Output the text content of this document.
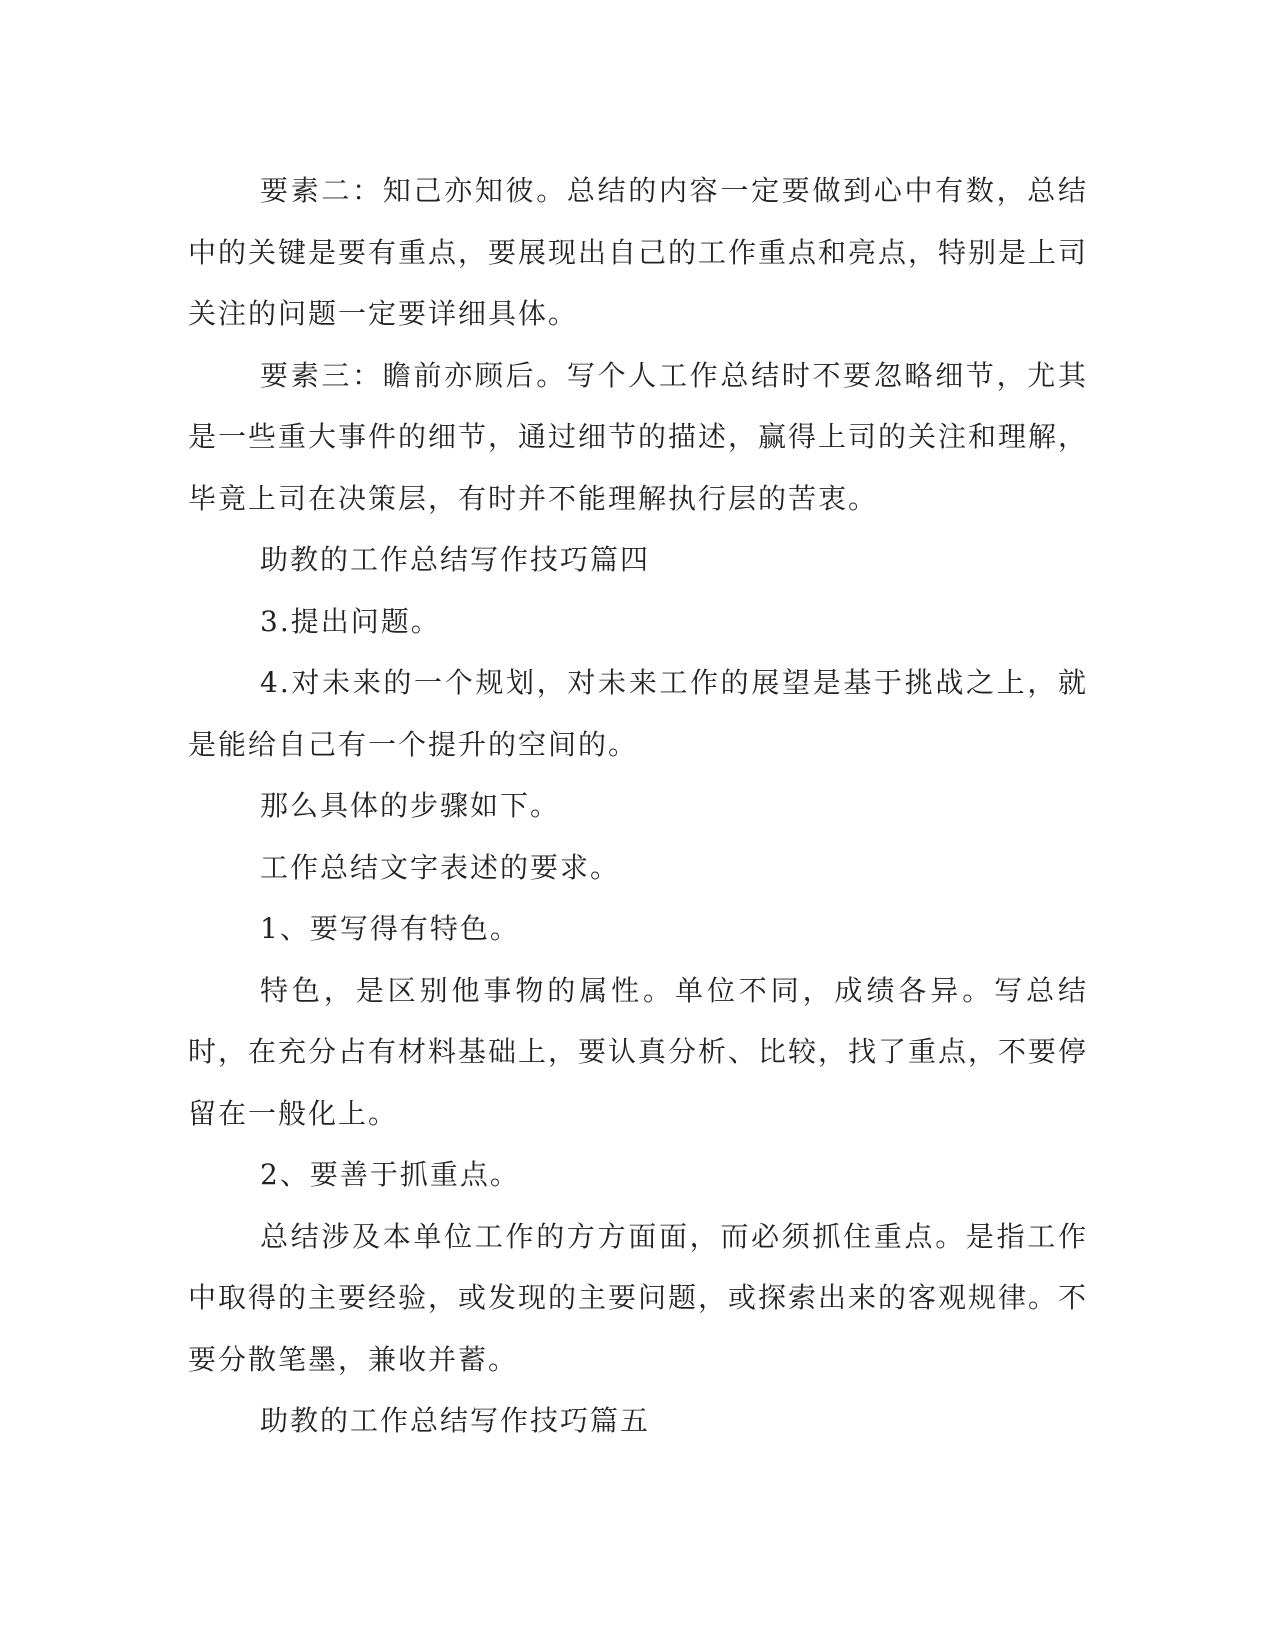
要素二：知己亦知彼。总结的内容一定要做到心中有数，总结中的关键是要有重点，要展现出自己的工作重点和亮点，特别是上司关注的问题一定要详细具体。

要素三：瞻前亦顾后。写个人工作总结时不要忽略细节，尤其是一些重大事件的细节，通过细节的描述，赢得上司的关注和理解，毕竟上司在决策层，有时并不能理解执行层的苦衷。

助教的工作总结写作技巧篇四

3.提出问题。

4.对未来的一个规划，对未来工作的展望是基于挑战之上，就是能给自己有一个提升的空间的。

那么具体的步骤如下。

工作总结文字表述的要求。

1、要写得有特色。

特色，是区别他事物的属性。单位不同，成绩各异。写总结时，在充分占有材料基础上，要认真分析、比较，找了重点，不要停留在一般化上。

2、要善于抓重点。

总结涉及本单位工作的方方面面，而必须抓住重点。是指工作中取得的主要经验，或发现的主要问题，或探索出来的客观规律。不要分散笔墨，兼收并蓄。

助教的工作总结写作技巧篇五
